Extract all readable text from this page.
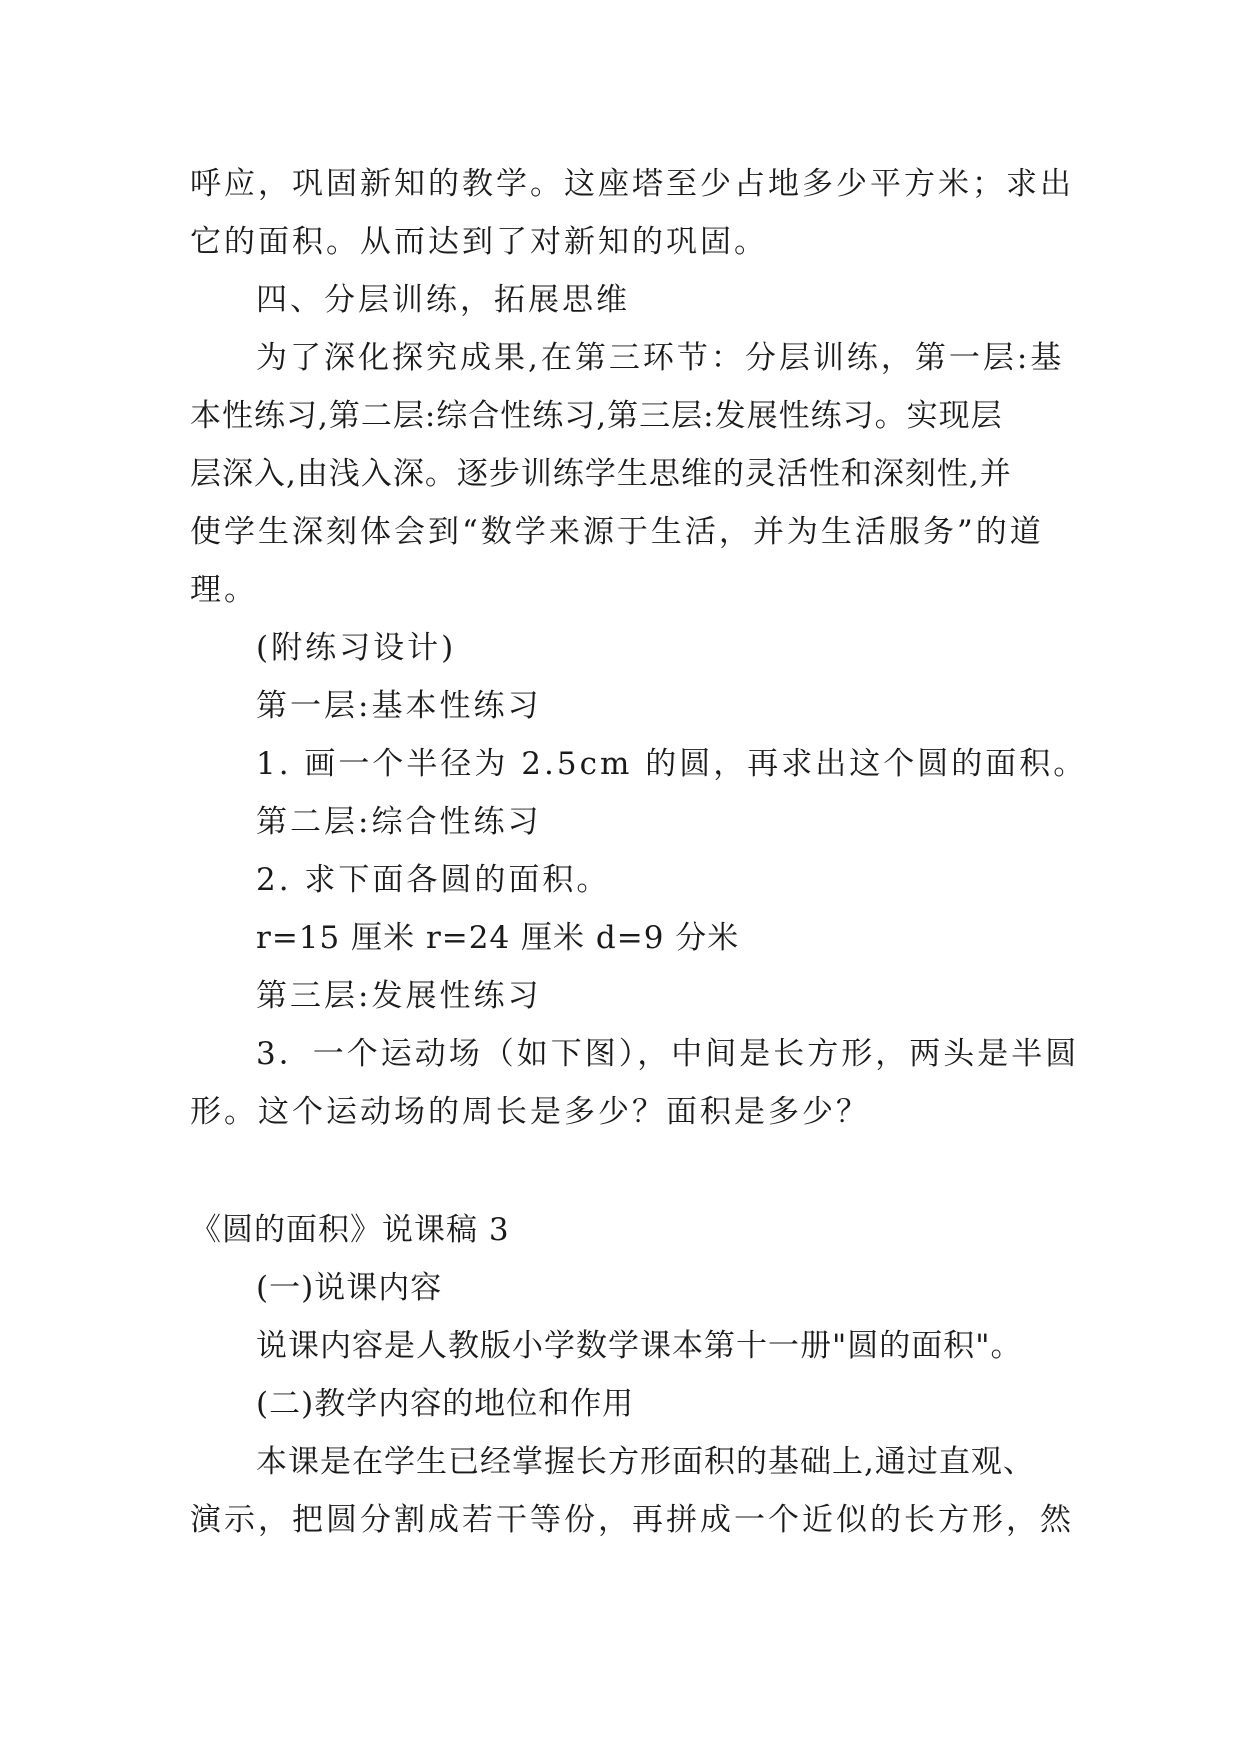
呼应，巩固新知的教学。这座塔至少占地多少平方米；求出
它的面积。从而达到了对新知的巩固。
四、分层训练，拓展思维
为了深化探究成果,在第三环节：分层训练，第一层:基
本性练习,第二层:综合性练习,第三层:发展性练习。实现层
层深入,由浅入深。逐步训练学生思维的灵活性和深刻性,并
使学生深刻体会到“数学来源于生活，并为生活服务”的道
理。
(附练习设计)
第一层:基本性练习
1. 画一个半径为 2.5cm 的圆，再求出这个圆的面积。
第二层:综合性练习
2. 求下面各圆的面积。
r=15 厘米 r=24 厘米 d=9 分米
第三层:发展性练习
3．一个运动场（如下图），中间是长方形，两头是半圆
形。这个运动场的周长是多少？面积是多少？
《圆的面积》说课稿 3
(一)说课内容
说课内容是人教版小学数学课本第十一册"圆的面积"。
(二)教学内容的地位和作用
本课是在学生已经掌握长方形面积的基础上,通过直观、
演示，把圆分割成若干等份，再拼成一个近似的长方形，然
